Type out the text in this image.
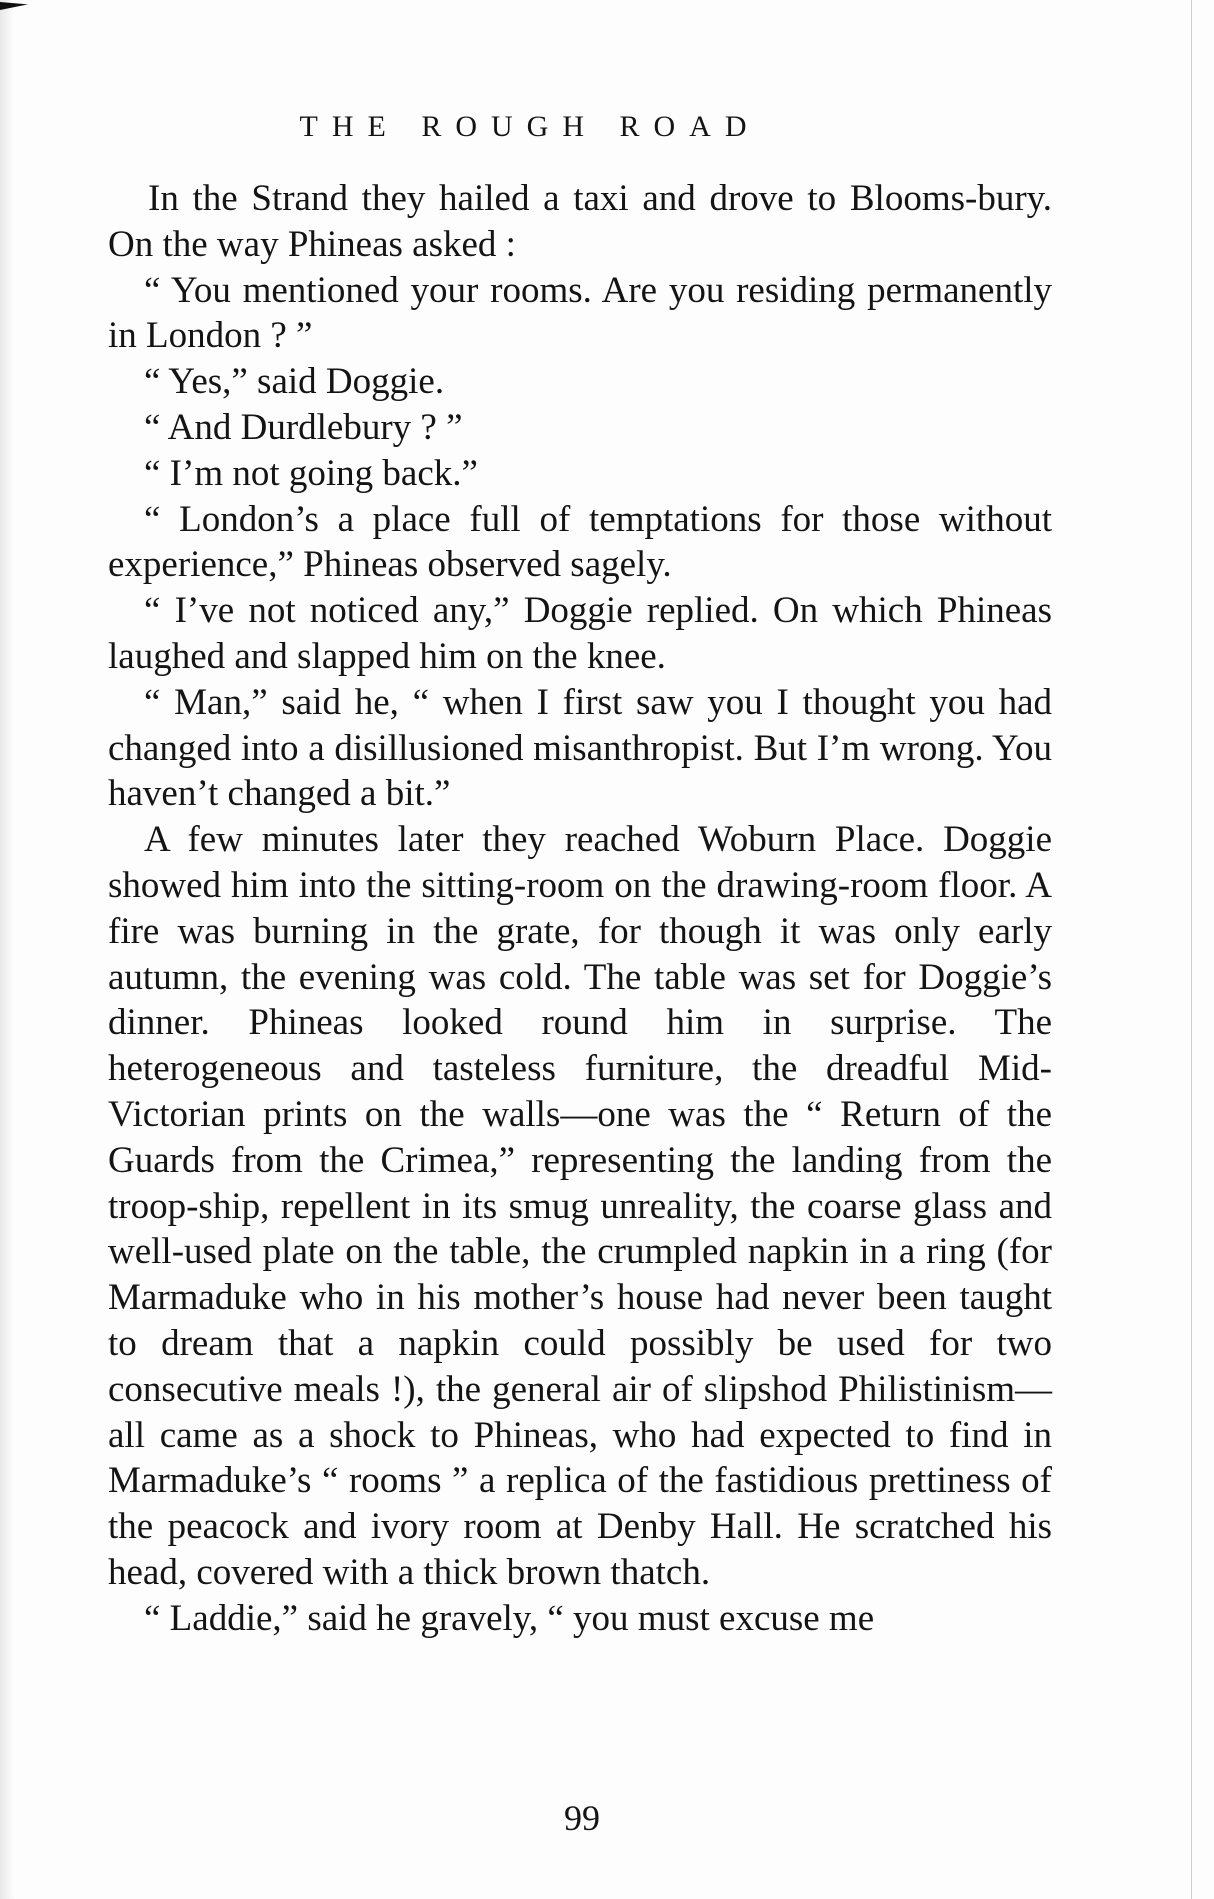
THE ROUGH ROAD

In the Strand they hailed a taxi and drove to Blooms-bury. On the way Phineas asked :

“ You mentioned your rooms. Are you residing permanently in London ? ”

“ Yes,” said Doggie.

“ And Durdlebury ? ”

“ I’m not going back.”

“ London’s a place full of temptations for those without experience,” Phineas observed sagely.

“ I’ve not noticed any,” Doggie replied. On which Phineas laughed and slapped him on the knee.

“ Man,” said he, “ when I first saw you I thought you had changed into a disillusioned misanthropist. But I’m wrong. You haven’t changed a bit.”

A few minutes later they reached Woburn Place. Doggie showed him into the sitting-room on the drawing-room floor. A fire was burning in the grate, for though it was only early autumn, the evening was cold. The table was set for Doggie’s dinner. Phineas looked round him in surprise. The heterogeneous and tasteless furniture, the dreadful Mid-Victorian prints on the walls—one was the “ Return of the Guards from the Crimea,” representing the landing from the troop-ship, repellent in its smug unreality, the coarse glass and well-used plate on the table, the crumpled napkin in a ring (for Marmaduke who in his mother’s house had never been taught to dream that a napkin could possibly be used for two consecutive meals !), the general air of slipshod Philistinism—all came as a shock to Phineas, who had expected to find in Marmaduke’s “ rooms ” a replica of the fastidious prettiness of the peacock and ivory room at Denby Hall. He scratched his head, covered with a thick brown thatch.

“ Laddie,” said he gravely, “ you must excuse me

99
